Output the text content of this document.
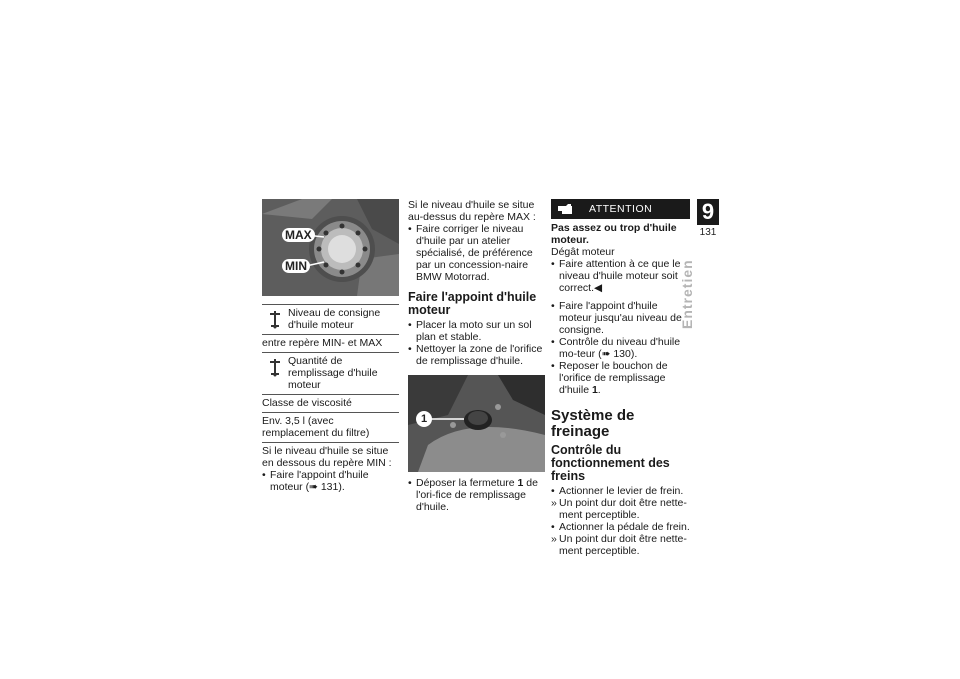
MAX
MIN

Niveau de consigne d'huile moteur

entre repère MIN- et MAX

Quantité de remplissage d'huile moteur

Classe de viscosité

Env. 3,5 l (avec remplacement du filtre)

Si le niveau d'huile se situe en dessous du repère MIN :

• Faire l'appoint d'huile moteur (➠ 131).

Si le niveau d'huile se situe au-dessus du repère MAX :

• Faire corriger le niveau d'huile par un atelier spécialisé, de préférence par un concession-naire BMW Motorrad.
Faire l'appoint d'huile moteur
• Placer la moto sur un sol plan et stable.
• Nettoyer la zone de l'orifice de remplissage d'huile.
1
• Déposer la fermeture 1 de l'ori-fice de remplissage d'huile.
ATTENTION

Pas assez ou trop d'huile moteur.

Dégât moteur

• Faire attention à ce que le niveau d'huile moteur soit correct.◀
• Faire l'appoint d'huile moteur jusqu'au niveau de consigne.
• Contrôle du niveau d'huile mo-teur (➠ 130).
• Reposer le bouchon de l'orifice de remplissage d'huile 1.
Système de freinage
Contrôle du fonctionnement des freins
• Actionner le levier de frein.
» Un point dur doit être nette-ment perceptible.
• Actionner la pédale de frein.
» Un point dur doit être nette-ment perceptible.
9
131
Entretien
